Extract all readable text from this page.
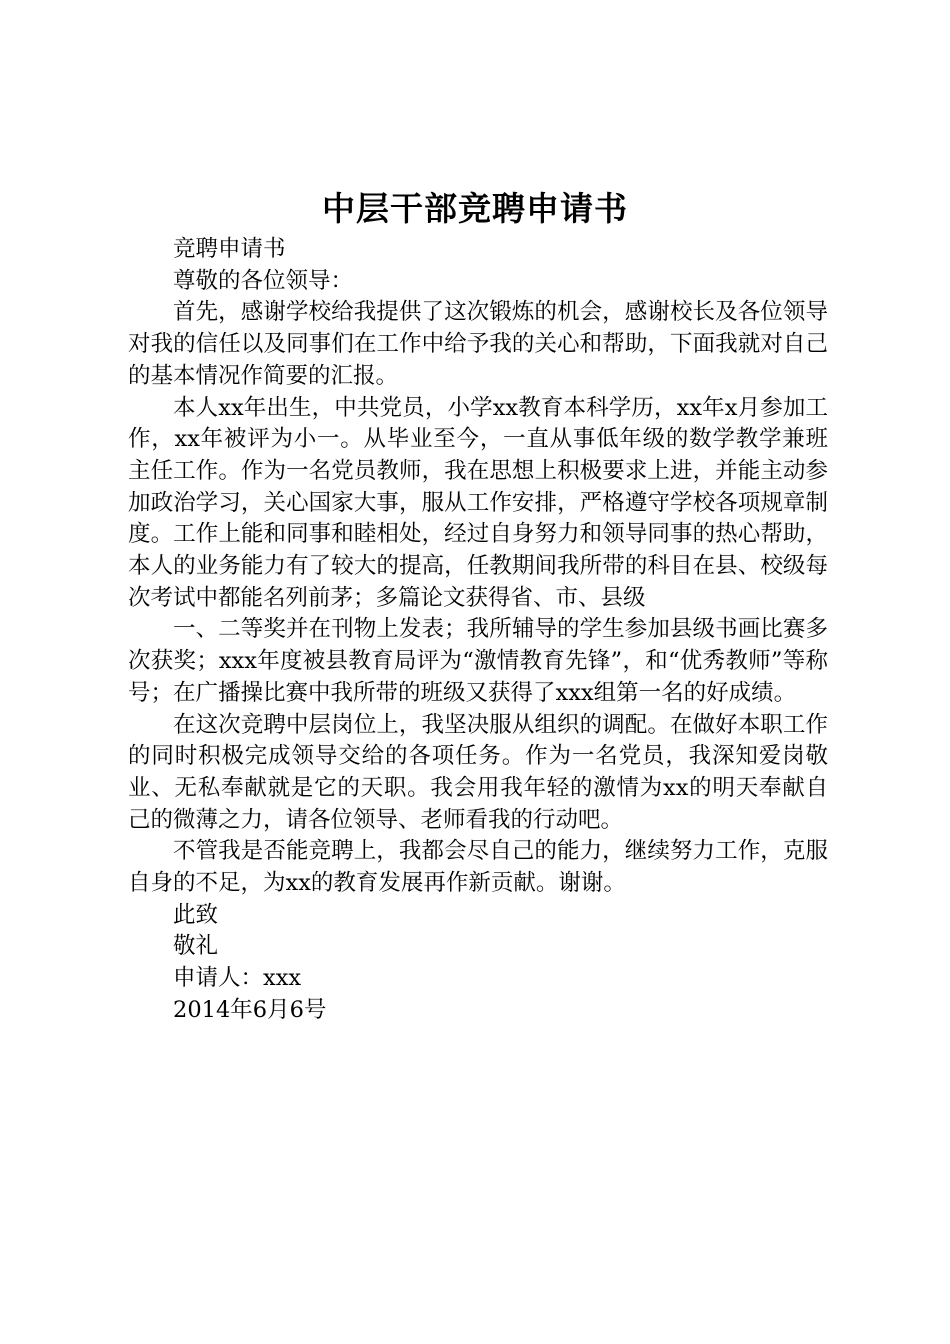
中层干部竞聘申请书

竞聘申请书

尊敬的各位领导：

首先，感谢学校给我提供了这次锻炼的机会，感谢校长及各位领导对我的信任以及同事们在工作中给予我的关心和帮助，下面我就对自己的基本情况作简要的汇报。

本人xx年出生，中共党员，小学xx教育本科学历，xx年x月参加工作，xx年被评为小一。从毕业至今，一直从事低年级的数学教学兼班主任工作。作为一名党员教师，我在思想上积极要求上进，并能主动参加政治学习，关心国家大事，服从工作安排，严格遵守学校各项规章制度。工作上能和同事和睦相处，经过自身努力和领导同事的热心帮助，本人的业务能力有了较大的提高，任教期间我所带的科目在县、校级每次考试中都能名列前茅；多篇论文获得省、市、县级

一、二等奖并在刊物上发表；我所辅导的学生参加县级书画比赛多次获奖；xxx年度被县教育局评为“激情教育先锋”，和“优秀教师”等称号；在广播操比赛中我所带的班级又获得了xxx组第一名的好成绩。

在这次竞聘中层岗位上，我坚决服从组织的调配。在做好本职工作的同时积极完成领导交给的各项任务。作为一名党员，我深知爱岗敬业、无私奉献就是它的天职。我会用我年轻的激情为xx的明天奉献自己的微薄之力，请各位领导、老师看我的行动吧。

不管我是否能竞聘上，我都会尽自己的能力，继续努力工作，克服自身的不足，为xx的教育发展再作新贡献。谢谢。

此致

敬礼

申请人：xxx

2014年6月6号
